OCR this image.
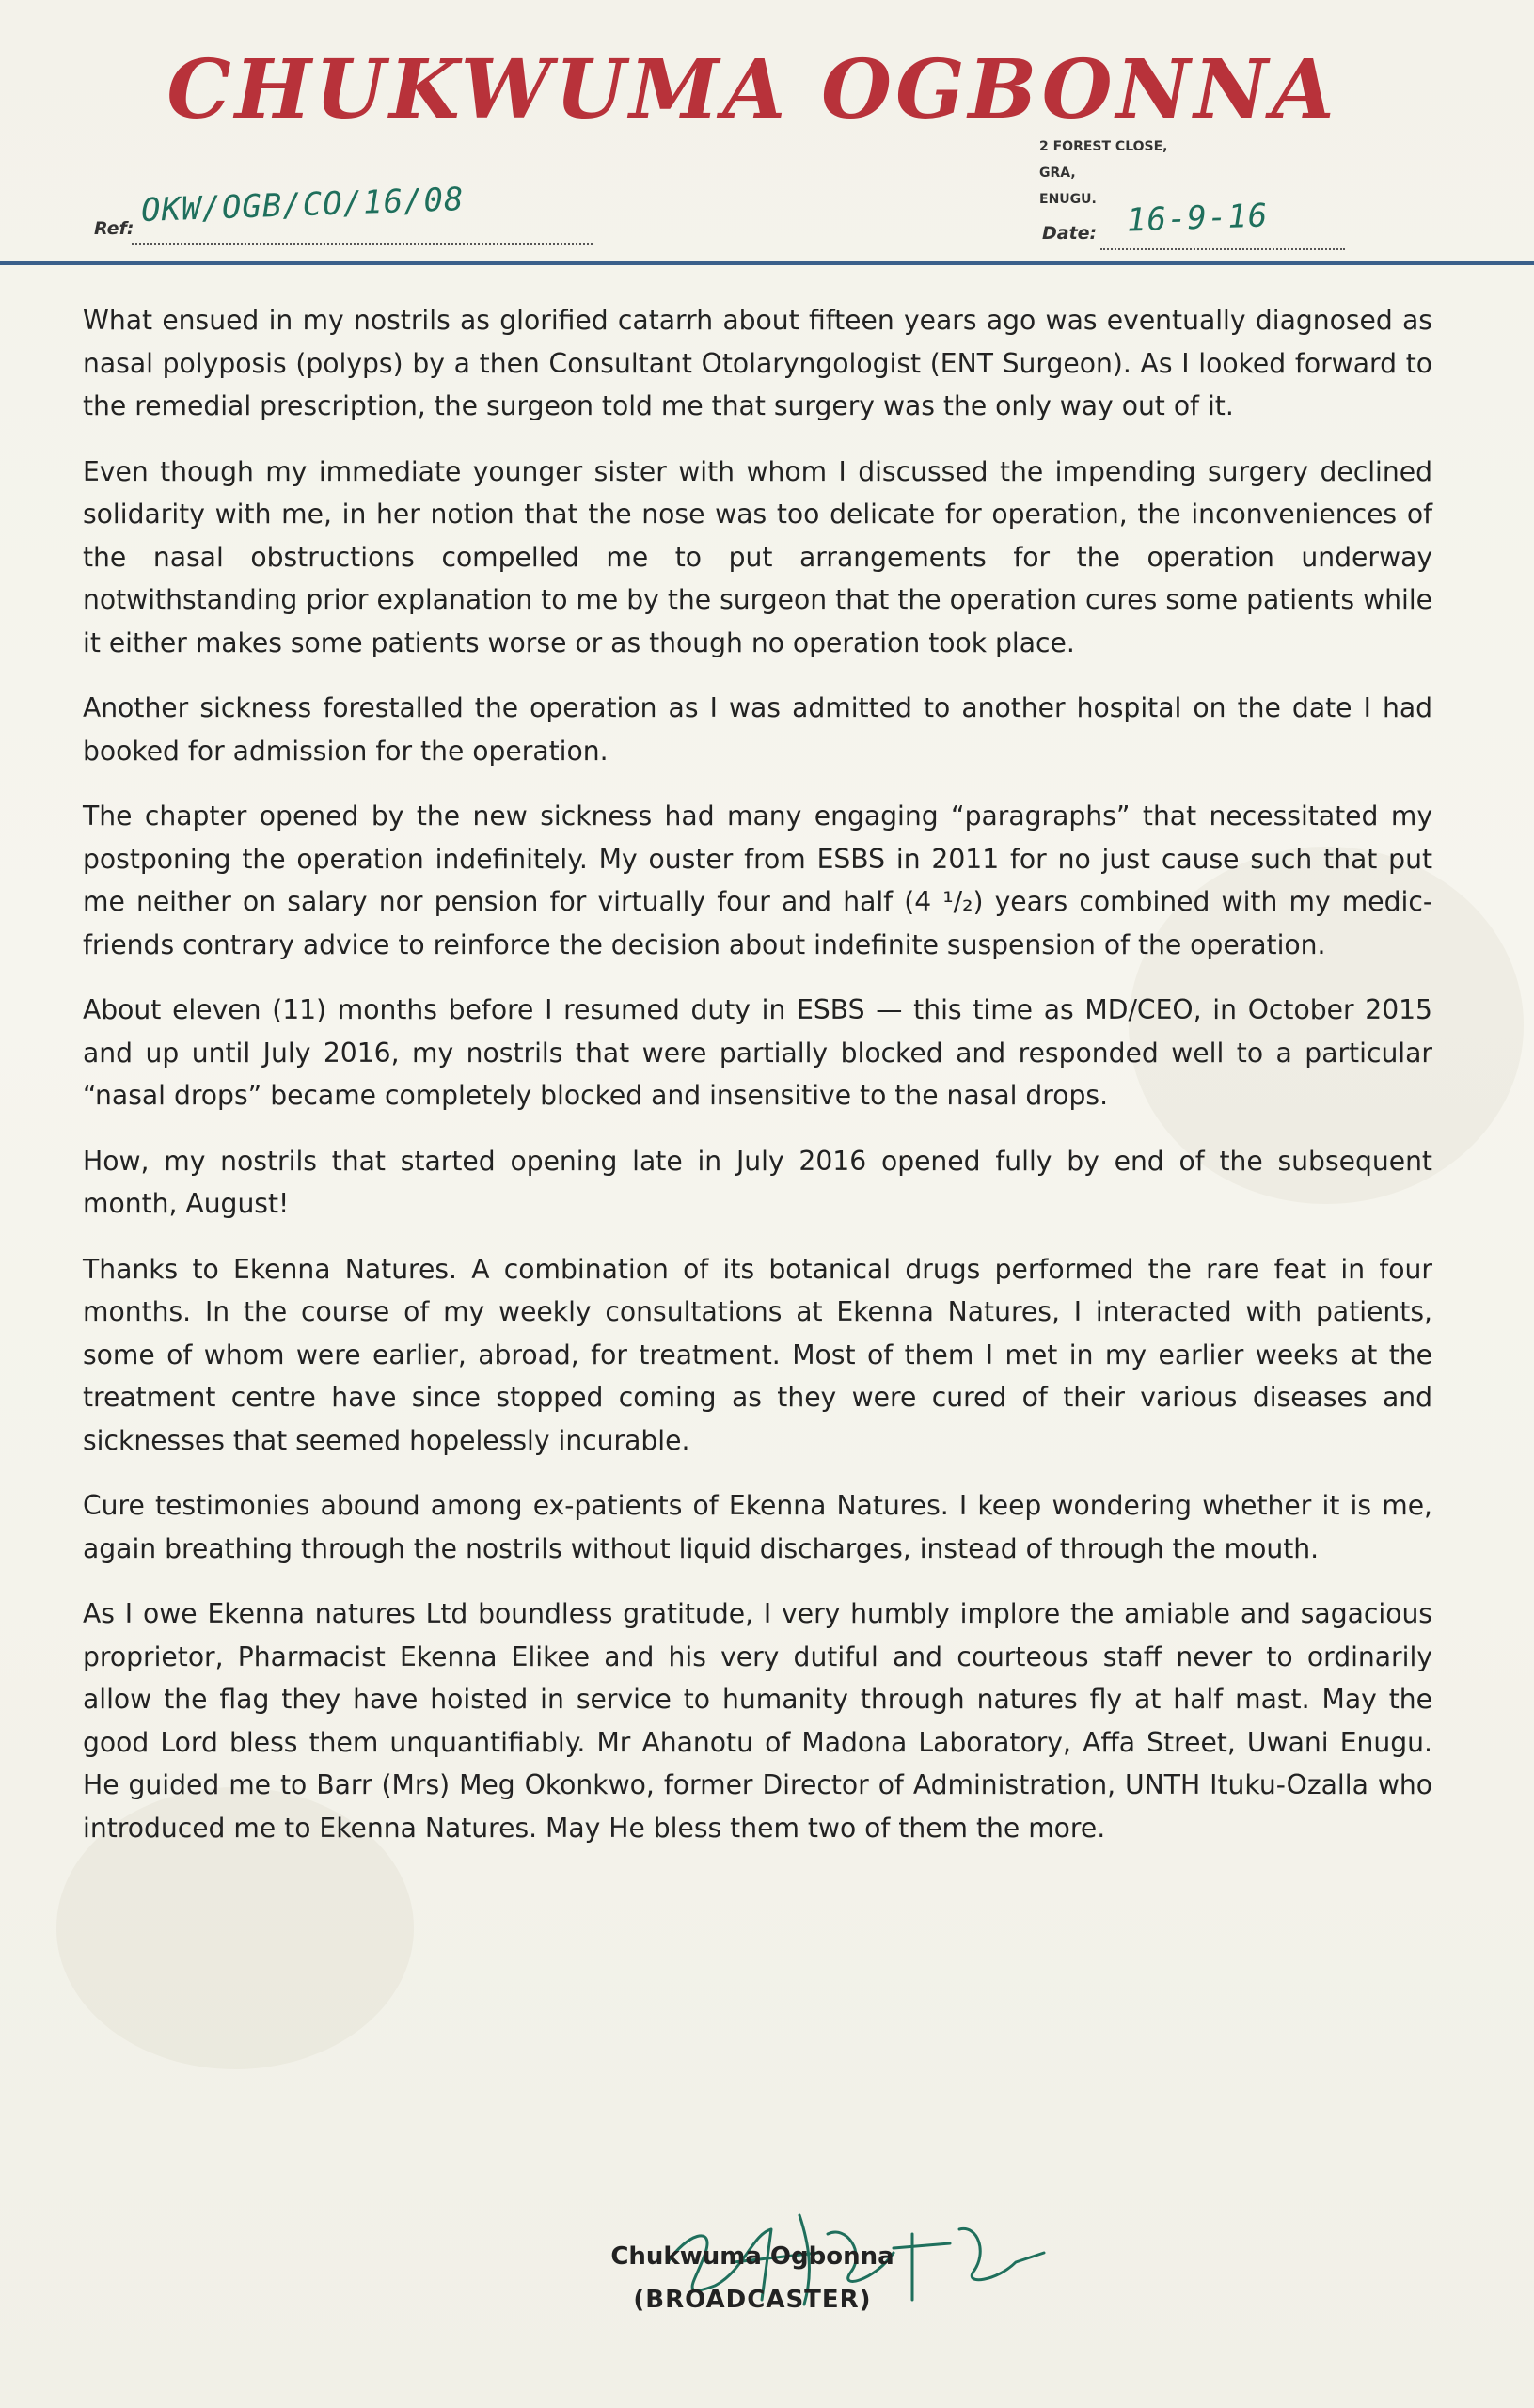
CHUKWUMA OGBONNA
2 FOREST CLOSE,
GRA,
ENUGU.
Ref: OKW/OGB/CO/16/08
Date: 16-9-16

What ensued in my nostrils as glorified catarrh about fifteen years ago was eventually diagnosed as nasal polyposis (polyps) by a then Consultant Otolaryngologist (ENT Surgeon). As I looked forward to the remedial prescription, the surgeon told me that surgery was the only way out of it.

Even though my immediate younger sister with whom I discussed the impending surgery declined solidarity with me, in her notion that the nose was too delicate for operation, the inconveniences of the nasal obstructions compelled me to put arrangements for the operation underway notwithstanding prior explanation to me by the surgeon that the operation cures some patients while it either makes some patients worse or as though no operation took place.

Another sickness forestalled the operation as I was admitted to another hospital on the date I had booked for admission for the operation.

The chapter opened by the new sickness had many engaging “paragraphs” that necessitated my postponing the operation indefinitely. My ouster from ESBS in 2011 for no just cause such that put me neither on salary nor pension for virtually four and half (4 ¹/₂) years combined with my medic-friends contrary advice to reinforce the decision about indefinite suspension of the operation.

About eleven (11) months before I resumed duty in ESBS — this time as MD/CEO, in October 2015 and up until July 2016, my nostrils that were partially blocked and responded well to a particular “nasal drops” became completely blocked and insensitive to the nasal drops.

How, my nostrils that started opening late in July 2016 opened fully by end of the subsequent month, August!

Thanks to Ekenna Natures. A combination of its botanical drugs performed the rare feat in four months. In the course of my weekly consultations at Ekenna Natures, I interacted with patients, some of whom were earlier, abroad, for treatment. Most of them I met in my earlier weeks at the treatment centre have since stopped coming as they were cured of their various diseases and sicknesses that seemed hopelessly incurable.

Cure testimonies abound among ex-patients of Ekenna Natures. I keep wondering whether it is me, again breathing through the nostrils without liquid discharges, instead of through the mouth.

As I owe Ekenna natures Ltd boundless gratitude, I very humbly implore the amiable and sagacious proprietor, Pharmacist Ekenna Elikee and his very dutiful and courteous staff never to ordinarily allow the flag they have hoisted in service to humanity through natures fly at half mast. May the good Lord bless them unquantifiably. Mr Ahanotu of Madona Laboratory, Affa Street, Uwani Enugu. He guided me to Barr (Mrs) Meg Okonkwo, former Director of Administration, UNTH Ituku-Ozalla who introduced me to Ekenna Natures. May He bless them two of them the more.

Chukwuma Ogbonna
(BROADCASTER)
